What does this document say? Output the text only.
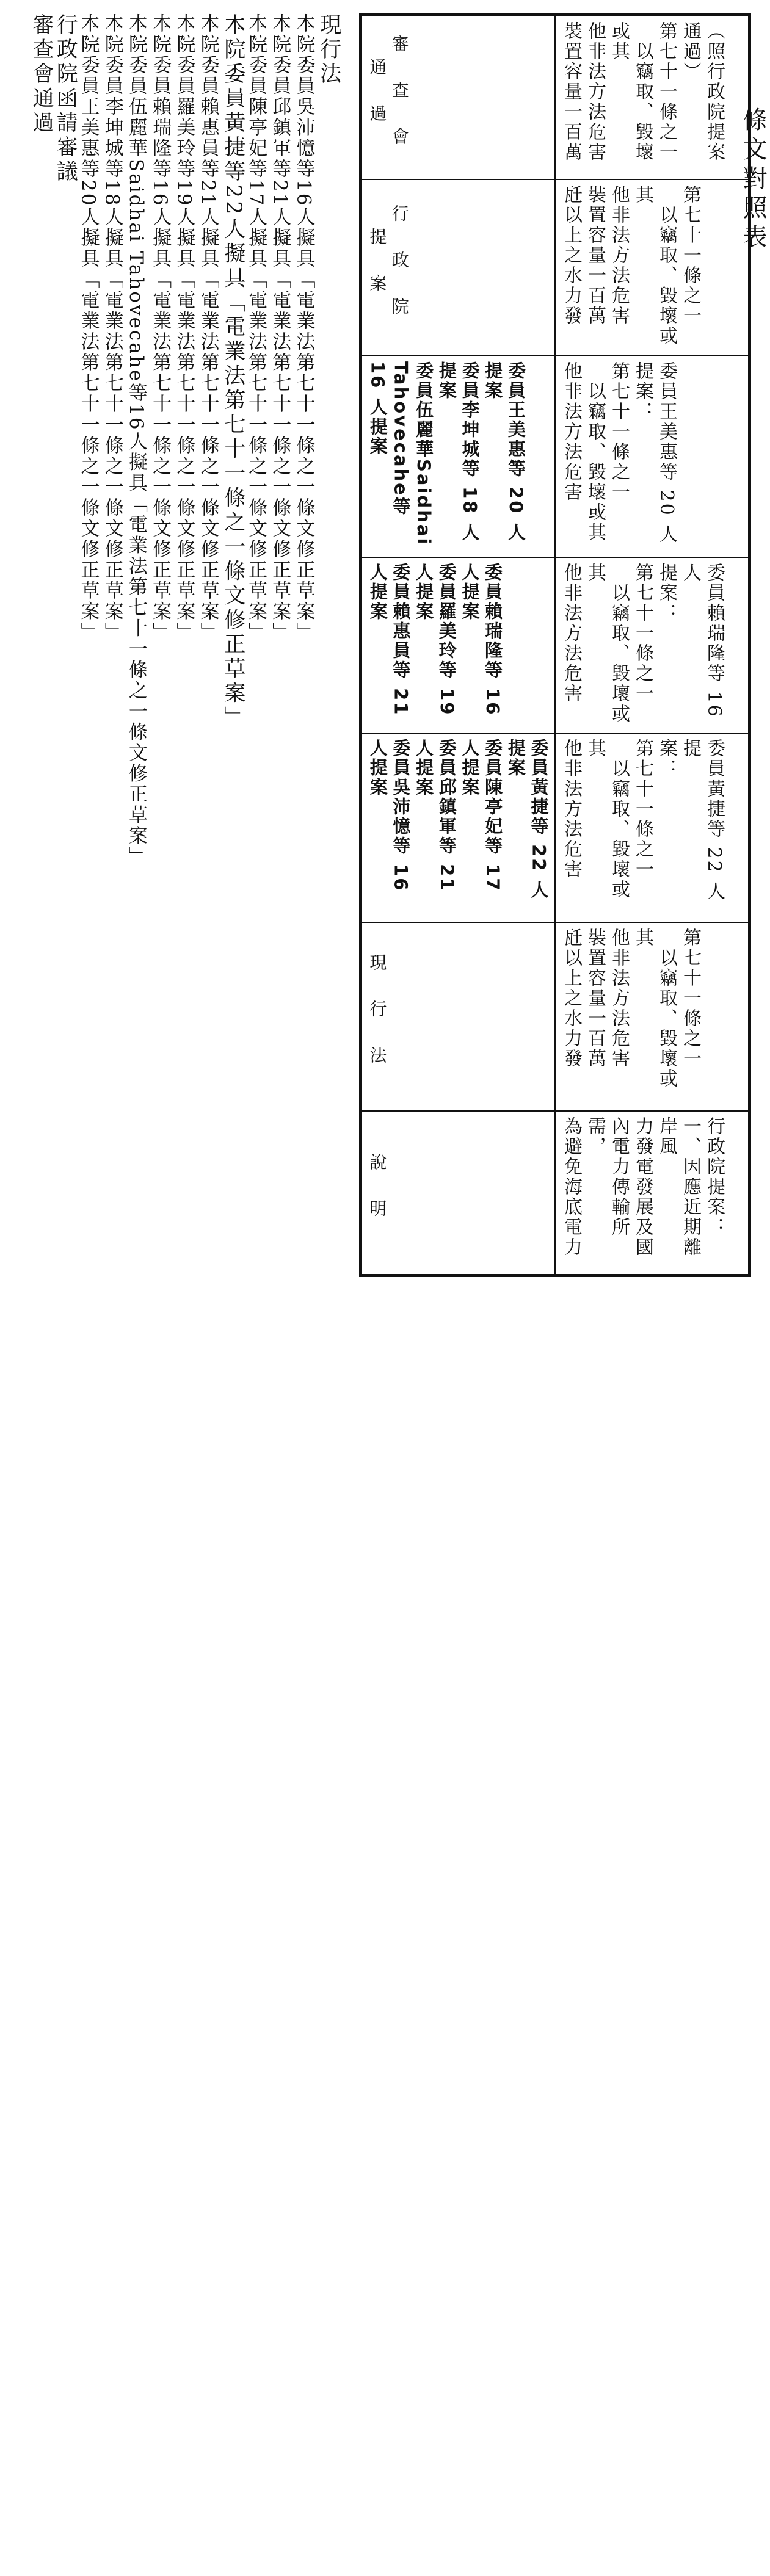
審查會通過 行政院函請審議 本院委員王美惠等20人擬具「電業法第七十一條之一條文修正草案」 本院委員李坤城等18人擬具「電業法第七十一條之一條文修正草案」 本院委員伍麗華Saidhai Tahovecahe等16人擬具「電業法第七十一條之一條文修正草案」 本院委員賴瑞隆等16人擬具「電業法第七十一條之一條文修正草案」 本院委員羅美玲等19人擬具「電業法第七十一條之一條文修正草案」 本院委員賴惠員等21人擬具「電業法第七十一條之一條文修正草案」 本院委員黃捷等22人擬具「電業法第七十一條之一條文修正草案」 本院委員陳亭妃等17人擬具「電業法第七十一條之一條文修正草案」 本院委員邱鎮軍等21人擬具「電業法第七十一條之一條文修正草案」 本院委員吳沛憶等16人擬具「電業法第七十一條之一條文修正草案」 現行法
條文對照表
審查會通過	（照行政院提案通過）
第七十一條之一
　以竊取、毀壞或其
他非法方法危害
裝置容量一百萬

行政院提案	第七十一條之一
　以竊取、毀壞或其
他非法方法危害
裝置容量一百萬
瓩以上之水力發

委員王美惠等 20 人提案
委員李坤城等 18 人提案
委員伍麗華Saidhai Tahovecahe等 16 人提案	委員王美惠等 20 人
提案：
第七十一條之一
　以竊取、毀壞或其
他非法方法危害

委員賴瑞隆等 16 人提案
委員羅美玲等 19 人提案
委員賴惠員等 21 人提案	委員賴瑞隆等 16 人
提案：
第七十一條之一
　以竊取、毀壞或其
他非法方法危害

委員黃捷等 22 人提案
委員陳亭妃等 17 人提案
委員邱鎮軍等 21 人提案
委員吳沛憶等 16 人提案	委員黃捷等 22 人提
案：
第七十一條之一
　以竊取、毀壞或其
他非法方法危害

現行法	第七十一條之一
　以竊取、毀壞或其
他非法方法危害
裝置容量一百萬
瓩以上之水力發

說明	行政院提案：
一、因應近期離岸風
力發電發展及國
內電力傳輸所需，
為避免海底電力
